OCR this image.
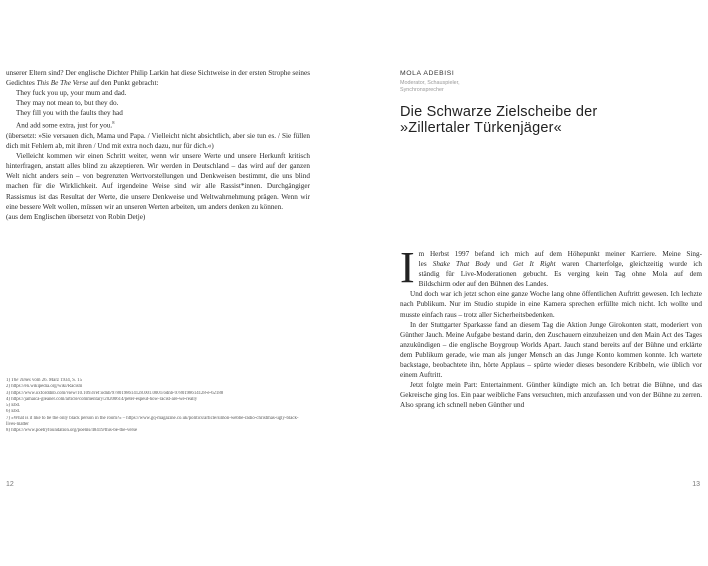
unserer Eltern sind? Der englische Dichter Philip Larkin hat diese Sichtweise in der ersten Strophe seines Gedichtes This Be The Verse auf den Punkt gebracht:

They fuck you up, your mum and dad.
They may not mean to, but they do.
They fill you with the faults they had
And add some extra, just for you.$^8$

(übersetzt: »Sie versauen dich, Mama und Papa. / Vielleicht nicht absichtlich, aber sie tun es. / Sie füllen dich mit Fehlern ab, mit ihren / Und mit extra noch dazu, nur für dich.«)

Vielleicht kommen wir einen Schritt weiter, wenn wir unsere Werte und unsere Herkunft kritisch hinterfragen, anstatt alles blind zu akzeptieren. Wir werden in Deutschland – das wird auf der ganzen Welt nicht anders sein – von begrenzten Wertvorstellungen und Denkweisen bestimmt, die uns blind machen für die Wirklichkeit. Auf irgendeine Weise sind wir alle Rassist*innen. Durchgängiger Rassismus ist das Resultat der Werte, die unsere Denkweise und Weltwahrnehmung prägen. Wenn wir eine bessere Welt wollen, müssen wir an unseren Werten arbeiten, um anders denken zu können.

(aus dem Englischen übersetzt von Robin Detje)

1) The Times vom 26. März 1934, S. 15
2) https://en.wikipedia.org/wiki/Racism
3) https://www.oxforddnb.com/view/10.1093/ref:odnb/9780198614128.001.0001/odnb-9780198614128-e-62188
4) https://jamaica-gleaner.com/article/commentary/20200614/peter-espeut-how-racist-are-we-really
5) Ebd.
6) Ebd.
7) »What is it like to be the only black person in the room?« – https://www.gq-magazine.co.uk/politics/article/simon-webbe-radio-christmas-ugly-black-lives-matter
8) https://www.poetryfoundation.org/poems/48419/this-be-the-verse
12
MOLA ADEBISI
Moderator, Schauspieler, Synchronsprecher
Die Schwarze Zielscheibe der
»Zillertaler Türkenjäger«
I m Herbst 1997 befand ich mich auf dem Höhepunkt meiner Karriere. Meine Sing-
les Shake That Body und Get It Right waren Charterfolge, gleichzeitig wurde ich
ständig für Live-Moderationen gebucht. Es verging kein Tag ohne Mola auf dem
Bildschirm oder auf den Bühnen des Landes.

Und doch war ich jetzt schon eine ganze Woche lang ohne öffentlichen Auftritt gewesen. Ich lechzte nach Publikum. Nur im Studio stupide in eine Kamera sprechen erfüllte mich nicht. Ich wollte und musste einfach raus – trotz aller Sicherheitsbedenken.

In der Stuttgarter Sparkasse fand an diesem Tag die Aktion Junge Girokonten statt, moderiert von Günther Jauch. Meine Aufgabe bestand darin, den Zuschauern einzuheizen und den Main Act des Tages anzukündigen – die englische Boygroup Worlds Apart. Jauch stand bereits auf der Bühne und erklärte dem Publikum gerade, wie man als junger Mensch an das Junge Konto kommen konnte. Ich wartete backstage, beobachtete ihn, hörte Applaus – spürte wieder dieses besondere Kribbeln, wie üblich vor einem Auftritt.

Jetzt folgte mein Part: Entertainment. Günther kündigte mich an. Ich betrat die Bühne, und das Gekreische ging los. Ein paar weibliche Fans versuchten, mich anzufassen und von der Bühne zu zerren. Also sprang ich schnell neben Günther und

13
